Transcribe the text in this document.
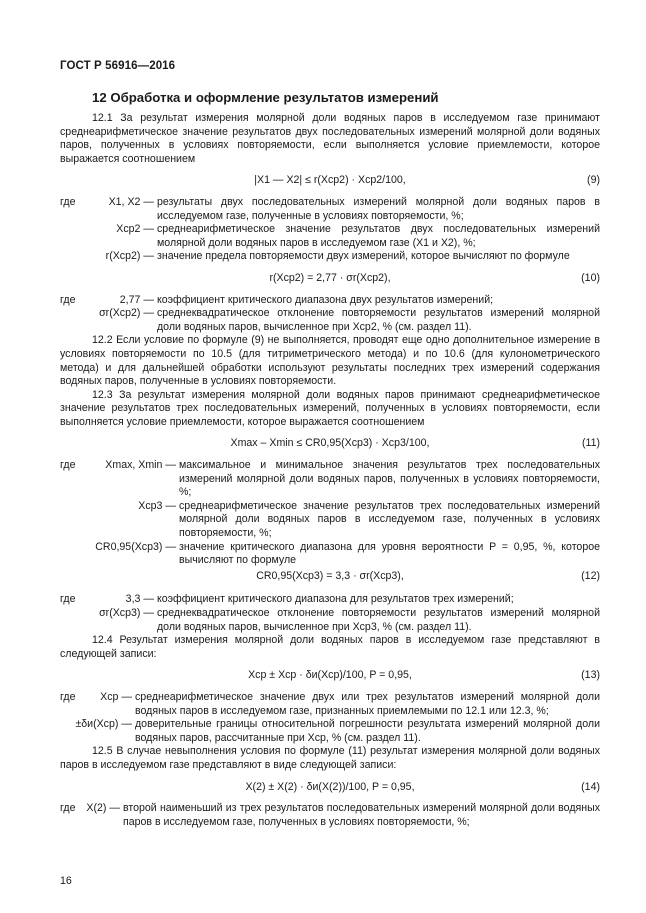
ГОСТ Р 56916—2016
12 Обработка и оформление результатов измерений

12.1 За результат измерения молярной доли водяных паров в исследуемом газе принимают среднеарифметическое значение результатов двух последовательных измерений молярной доли водяных паров, полученных в условиях повторяемости, если выполняется условие приемлемости, которое выражается соотношением

|X1 — X2| ≤ r(Xср2) · Xср2/100,	(9)
где	X1, X2 — результаты двух последовательных измерений молярной доли водяных паров в исследуемом газе, полученные в условиях повторяемости, %;
Xср2 — среднеарифметическое значение результатов двух последовательных измерений молярной доли водяных паров в исследуемом газе (X1 и X2), %;
r(Xср2) — значение предела повторяемости двух измерений, которое вычисляют по формуле
r(Xср2) = 2,77 · σr(Xср2),	(10)
где	2,77 — коэффициент критического диапазона двух результатов измерений;
σr(Xср2) — среднеквадратическое отклонение повторяемости результатов измерений молярной доли водяных паров, вычисленное при Xср2, % (см. раздел 11).

12.2 Если условие по формуле (9) не выполняется, проводят еще одно дополнительное измерение в условиях повторяемости по 10.5 (для титриметрического метода) и по 10.6 (для кулонометрического метода) и для дальнейшей обработки используют результаты последних трех измерений содержания водяных паров, полученные в условиях повторяемости.

12.3 За результат измерения молярной доли водяных паров принимают среднеарифметическое значение результатов трех последовательных измерений, полученных в условиях повторяемости, если выполняется условие приемлемости, которое выражается соотношением

Xmax – Xmin ≤ CR0,95(Xср3) · Xср3/100,	(11)
где	Xmax, Xmin — максимальное и минимальное значения результатов трех последовательных измерений молярной доли водяных паров, полученных в условиях повторяемости, %;
Xср3 — среднеарифметическое значение результатов трех последовательных измерений молярной доли водяных паров в исследуемом газе, полученных в условиях повторяемости, %;
CR0,95(Xср3) — значение критического диапазона для уровня вероятности P = 0,95, %, которое вычисляют по формуле
CR0,95(Xср3) = 3,3 · σr(Xср3),	(12)
где	3,3 — коэффициент критического диапазона для результатов трех измерений;
σr(Xср3) — среднеквадратическое отклонение повторяемости результатов измерений молярной доли водяных паров, вычисленное при Xср3, % (см. раздел 11).

12.4 Результат измерения молярной доли водяных паров в исследуемом газе представляют в следующей записи:

Xср ± Xср · δи(Xср)/100, P = 0,95,	(13)
где	Xср — среднеарифметическое значение двух или трех результатов измерений молярной доли водяных паров в исследуемом газе, признанных приемлемыми по 12.1 или 12.3, %;
±δи(Xср) — доверительные границы относительной погрешности результата измерений молярной доли водяных паров, рассчитанные при Xср, % (см. раздел 11).

12.5 В случае невыполнения условия по формуле (11) результат измерения молярной доли водяных паров в исследуемом газе представляют в виде следующей записи:

X(2) ± X(2) · δи(X(2))/100, P = 0,95,	(14)
где	X(2) — второй наименьший из трех результатов последовательных измерений молярной доли водяных паров в исследуемом газе, полученных в условиях повторяемости, %;
16
